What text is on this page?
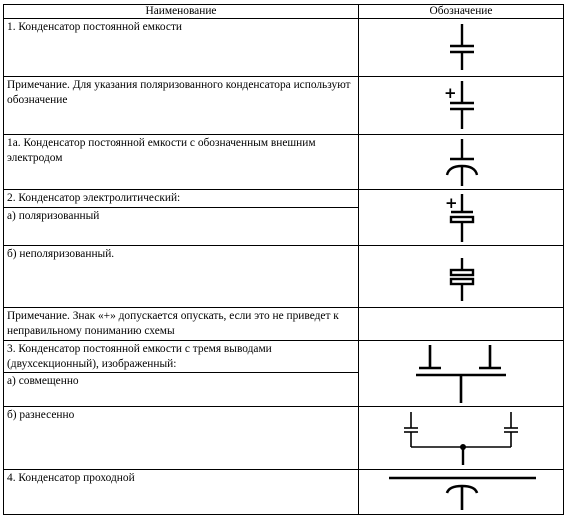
Наименование	Обозначение
1. Конденсатор постоянной емкости	

Примечание. Для указания поляризованного конденсатора используют обозначение	+

1а. Конденсатор постоянной емкости с обозначенным внешним электродом	

2. Конденсатор электролитический:
а) поляризованный	+

б) неполяризованный.	

Примечание. Знак «+» допускается опускать, если это не приведет к неправильному пониманию схемы	

3. Конденсатор постоянной емкости с тремя выводами (двухсекционный), изображенный:
а) совмещенно

б) разнесенно	

4. Конденсатор проходной	
